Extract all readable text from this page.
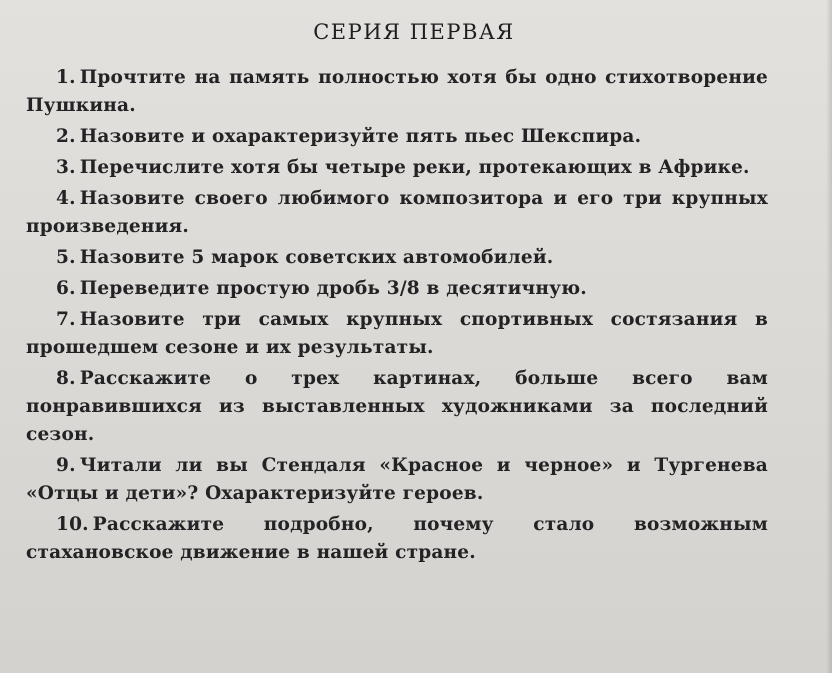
СЕРИЯ ПЕРВАЯ
1. Прочтите на память полностью хотя бы одно стихотворение Пушкина.
2. Назовите и охарактеризуйте пять пьес Шекспира.
3. Перечислите хотя бы четыре реки, протекающих в Африке.
4. Назовите своего любимого композитора и его три крупных произведения.
5. Назовите 5 марок советских автомобилей.
6. Переведите простую дробь 3/8 в десятичную.
7. Назовите три самых крупных спортивных состязания в прошедшем сезоне и их результаты.
8. Расскажите о трех картинах, больше всего вам понравившихся из выставленных художниками за последний сезон.
9. Читали ли вы Стендаля «Красное и черное» и Тургенева «Отцы и дети»? Охарактеризуйте героев.
10. Расскажите подробно, почему стало возможным стахановское движение в нашей стране.
